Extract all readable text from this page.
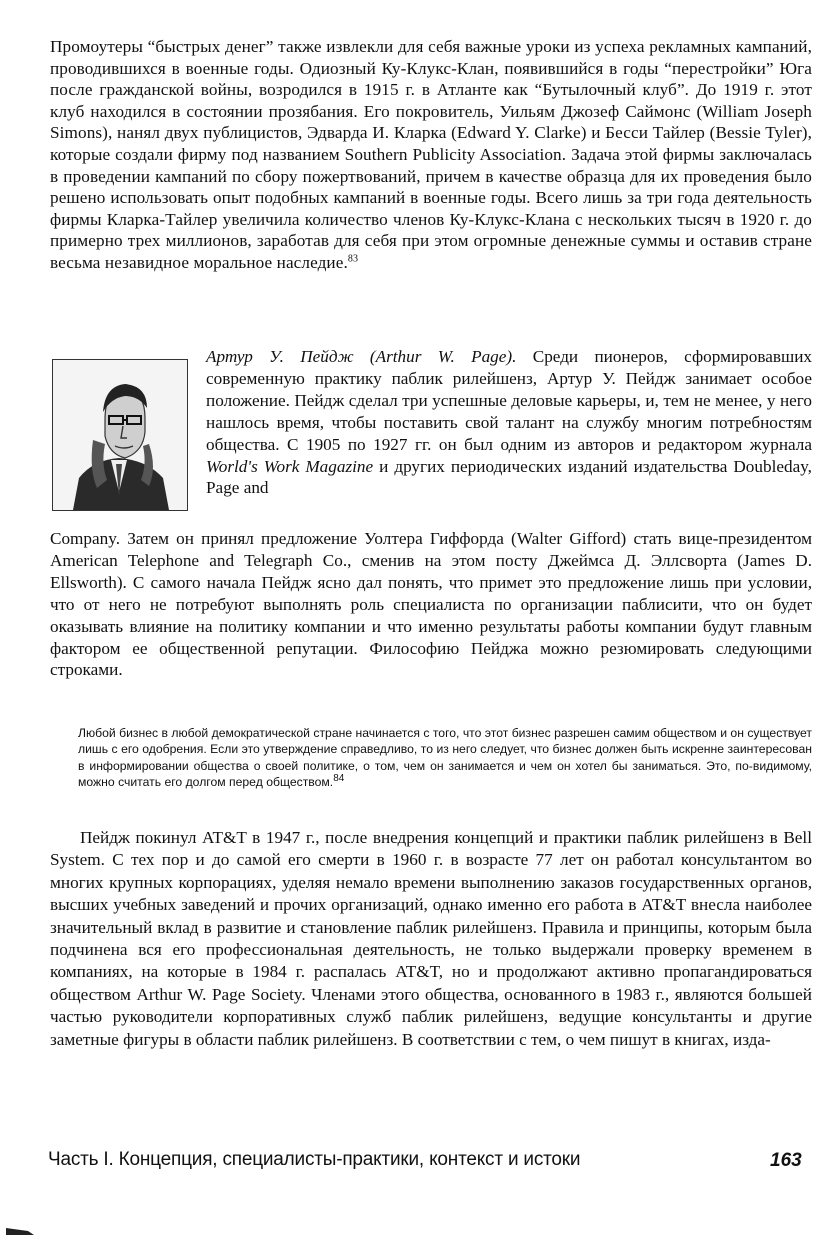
Промоутеры “быстрых денег” также извлекли для себя важные уроки из успеха рекламных кампаний, проводившихся в военные годы. Одиозный Ку-Клукс-Клан, появившийся в годы “перестройки” Юга после гражданской войны, возродился в 1915 г. в Атланте как “Бутылочный клуб”. До 1919 г. этот клуб находился в состоянии прозябания. Его покровитель, Уильям Джозеф Саймонс (William Joseph Simons), нанял двух публицистов, Эдварда И. Кларка (Edward Y. Clarke) и Бесси Тайлер (Bessie Tyler), которые создали фирму под названием Southern Publicity Association. Задача этой фирмы заключалась в проведении кампаний по сбору пожертвований, причем в качестве образца для их проведения было решено использовать опыт подобных кампаний в военные годы. Всего лишь за три года деятельность фирмы Кларка-Тайлер увеличила количество членов Ку-Клукс-Клана с нескольких тысяч в 1920 г. до примерно трех миллионов, заработав для себя при этом огромные денежные суммы и оставив стране весьма незавидное моральное наследие.$^{83}$
Артур У. Пейдж (Arthur W. Page). Среди пионеров, сформировавших современную практику паблик рилейшенз, Артур У. Пейдж занимает особое положение. Пейдж сделал три успешные деловые карьеры, и, тем не менее, у него нашлось время, чтобы поставить свой талант на службу многим потребностям общества. С 1905 по 1927 гг. он был одним из авторов и редактором журнала World's Work Magazine и других периодических изданий издательства Doubleday, Page and
Company. Затем он принял предложение Уолтера Гиффорда (Walter Gifford) стать вице-президентом American Telephone and Telegraph Co., сменив на этом посту Джеймса Д. Эллсворта (James D. Ellsworth). С самого начала Пейдж ясно дал понять, что примет это предложение лишь при условии, что от него не потребуют выполнять роль специалиста по организации паблисити, что он будет оказывать влияние на политику компании и что именно результаты работы компании будут главным фактором ее общественной репутации. Философию Пейджа можно резюмировать следующими строками.
Любой бизнес в любой демократической стране начинается с того, что этот бизнес разрешен самим обществом и он существует лишь с его одобрения. Если это утверждение справедливо, то из него следует, что бизнес должен быть искренне заинтересован в информировании общества о своей политике, о том, чем он занимается и чем он хотел бы заниматься. Это, по-видимому, можно считать его долгом перед обществом.$^{84}$
Пейдж покинул AT&T в 1947 г., после внедрения концепций и практики паблик рилейшенз в Bell System. С тех пор и до самой его смерти в 1960 г. в возрасте 77 лет он работал консультантом во многих крупных корпорациях, уделяя немало времени выполнению заказов государственных органов, высших учебных заведений и прочих организаций, однако именно его работа в AT&T внесла наиболее значительный вклад в развитие и становление паблик рилейшенз. Правила и принципы, которым была подчинена вся его профессиональная деятельность, не только выдержали проверку временем в компаниях, на которые в 1984 г. распалась AT&T, но и продолжают активно пропагандироваться обществом Arthur W. Page Society. Членами этого общества, основанного в 1983 г., являются большей частью руководители корпоративных служб паблик рилейшенз, ведущие консультанты и другие заметные фигуры в области паблик рилейшенз. В соответствии с тем, о чем пишут в книгах, изда-
Часть I. Концепция, специалисты-практики, контекст и истоки	163
